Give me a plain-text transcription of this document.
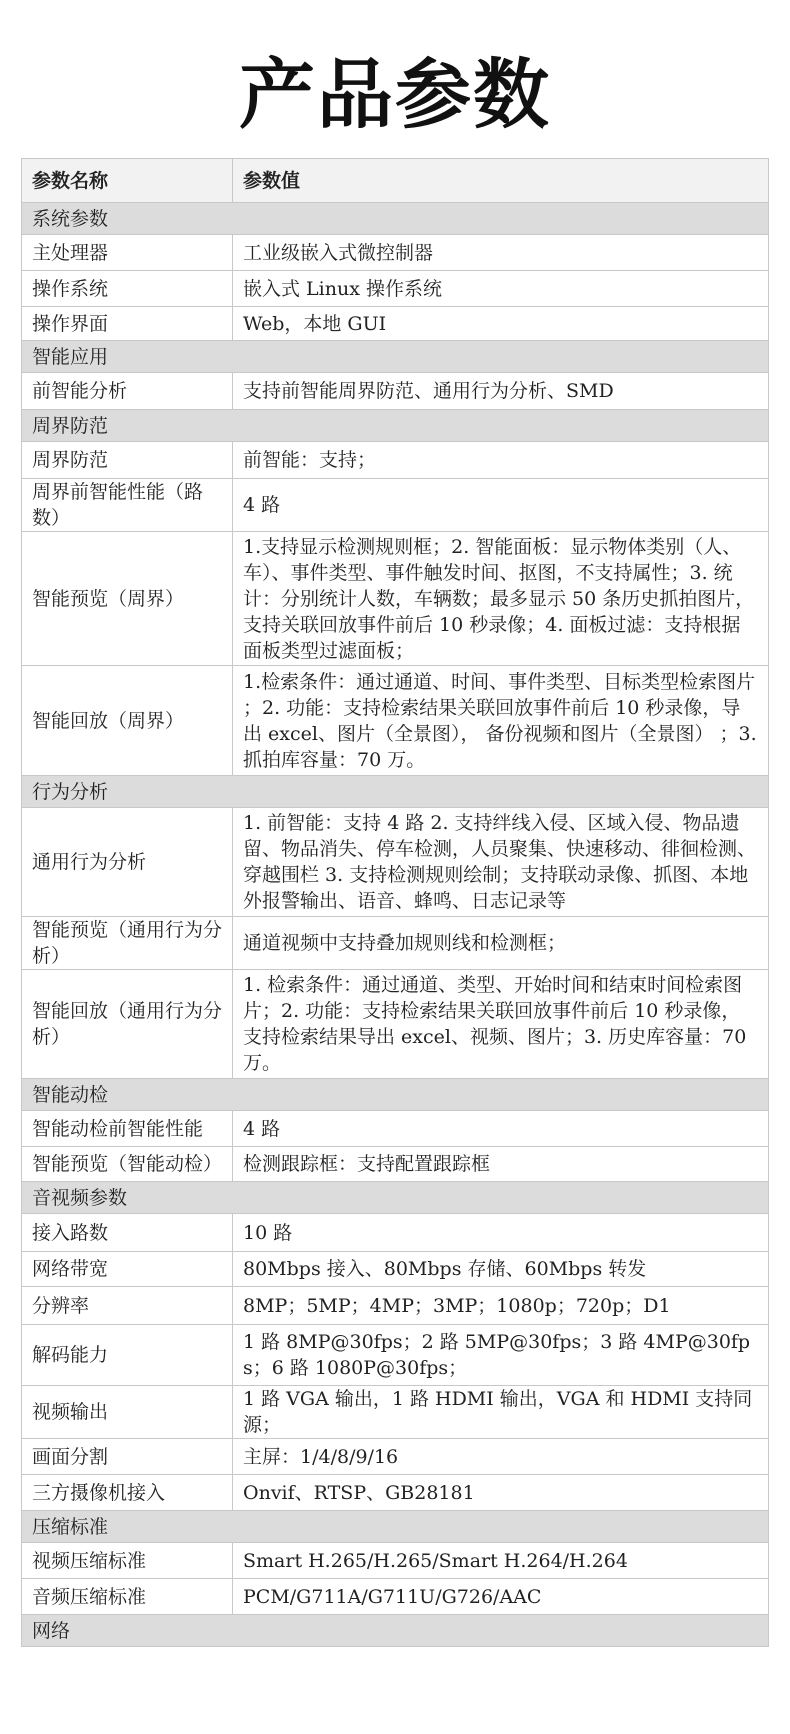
产品参数
参数名称	参数值
系统参数	
主处理器	工业级嵌入式微控制器
操作系统	嵌入式 Linux 操作系统
操作界面	Web，本地 GUI
智能应用	
前智能分析	支持前智能周界防范、通用行为分析、SMD
周界防范	
周界防范	前智能：支持；
周界前智能性能（路数）	4 路
智能预览（周界）	1.支持显示检测规则框；2. 智能面板：显示物体类别（人、车）、事件类型、事件触发时间、抠图，不支持属性；3. 统计：分别统计人数，车辆数；最多显示 50 条历史抓拍图片，支持关联回放事件前后 10 秒录像；4. 面板过滤：支持根据面板类型过滤面板；
智能回放（周界）	1.检索条件：通过通道、时间、事件类型、目标类型检索图片 ；2. 功能：支持检索结果关联回放事件前后 10 秒录像，导出 excel、图片（全景图）， 备份视频和图片（全景图） ；3. 抓拍库容量：70 万。
行为分析	
通用行为分析	1. 前智能：支持 4 路 2. 支持绊线入侵、区域入侵、物品遗留、物品消失、停车检测，人员聚集、快速移动、徘徊检测、穿越围栏 3. 支持检测规则绘制；支持联动录像、抓图、本地外报警输出、语音、蜂鸣、日志记录等
智能预览（通用行为分析）	通道视频中支持叠加规则线和检测框；
智能回放（通用行为分析）	1. 检索条件：通过通道、类型、开始时间和结束时间检索图片；2. 功能：支持检索结果关联回放事件前后 10 秒录像，支持检索结果导出 excel、视频、图片；3. 历史库容量：70 万。
智能动检	
智能动检前智能性能	4 路
智能预览（智能动检）	检测跟踪框：支持配置跟踪框
音视频参数	
接入路数	10 路
网络带宽	80Mbps 接入、80Mbps 存储、60Mbps 转发
分辨率	8MP；5MP；4MP；3MP；1080p；720p；D1
解码能力	1 路 8MP@30fps；2 路 5MP@30fps；3 路 4MP@30fps；6 路 1080P@30fps；
视频输出	1 路 VGA 输出，1 路 HDMI 输出，VGA 和 HDMI 支持同源；
画面分割	主屏：1/4/8/9/16
三方摄像机接入	Onvif、RTSP、GB28181
压缩标准	
视频压缩标准	Smart H.265/H.265/Smart H.264/H.264
音频压缩标准	PCM/G711A/G711U/G726/AAC
网络	
